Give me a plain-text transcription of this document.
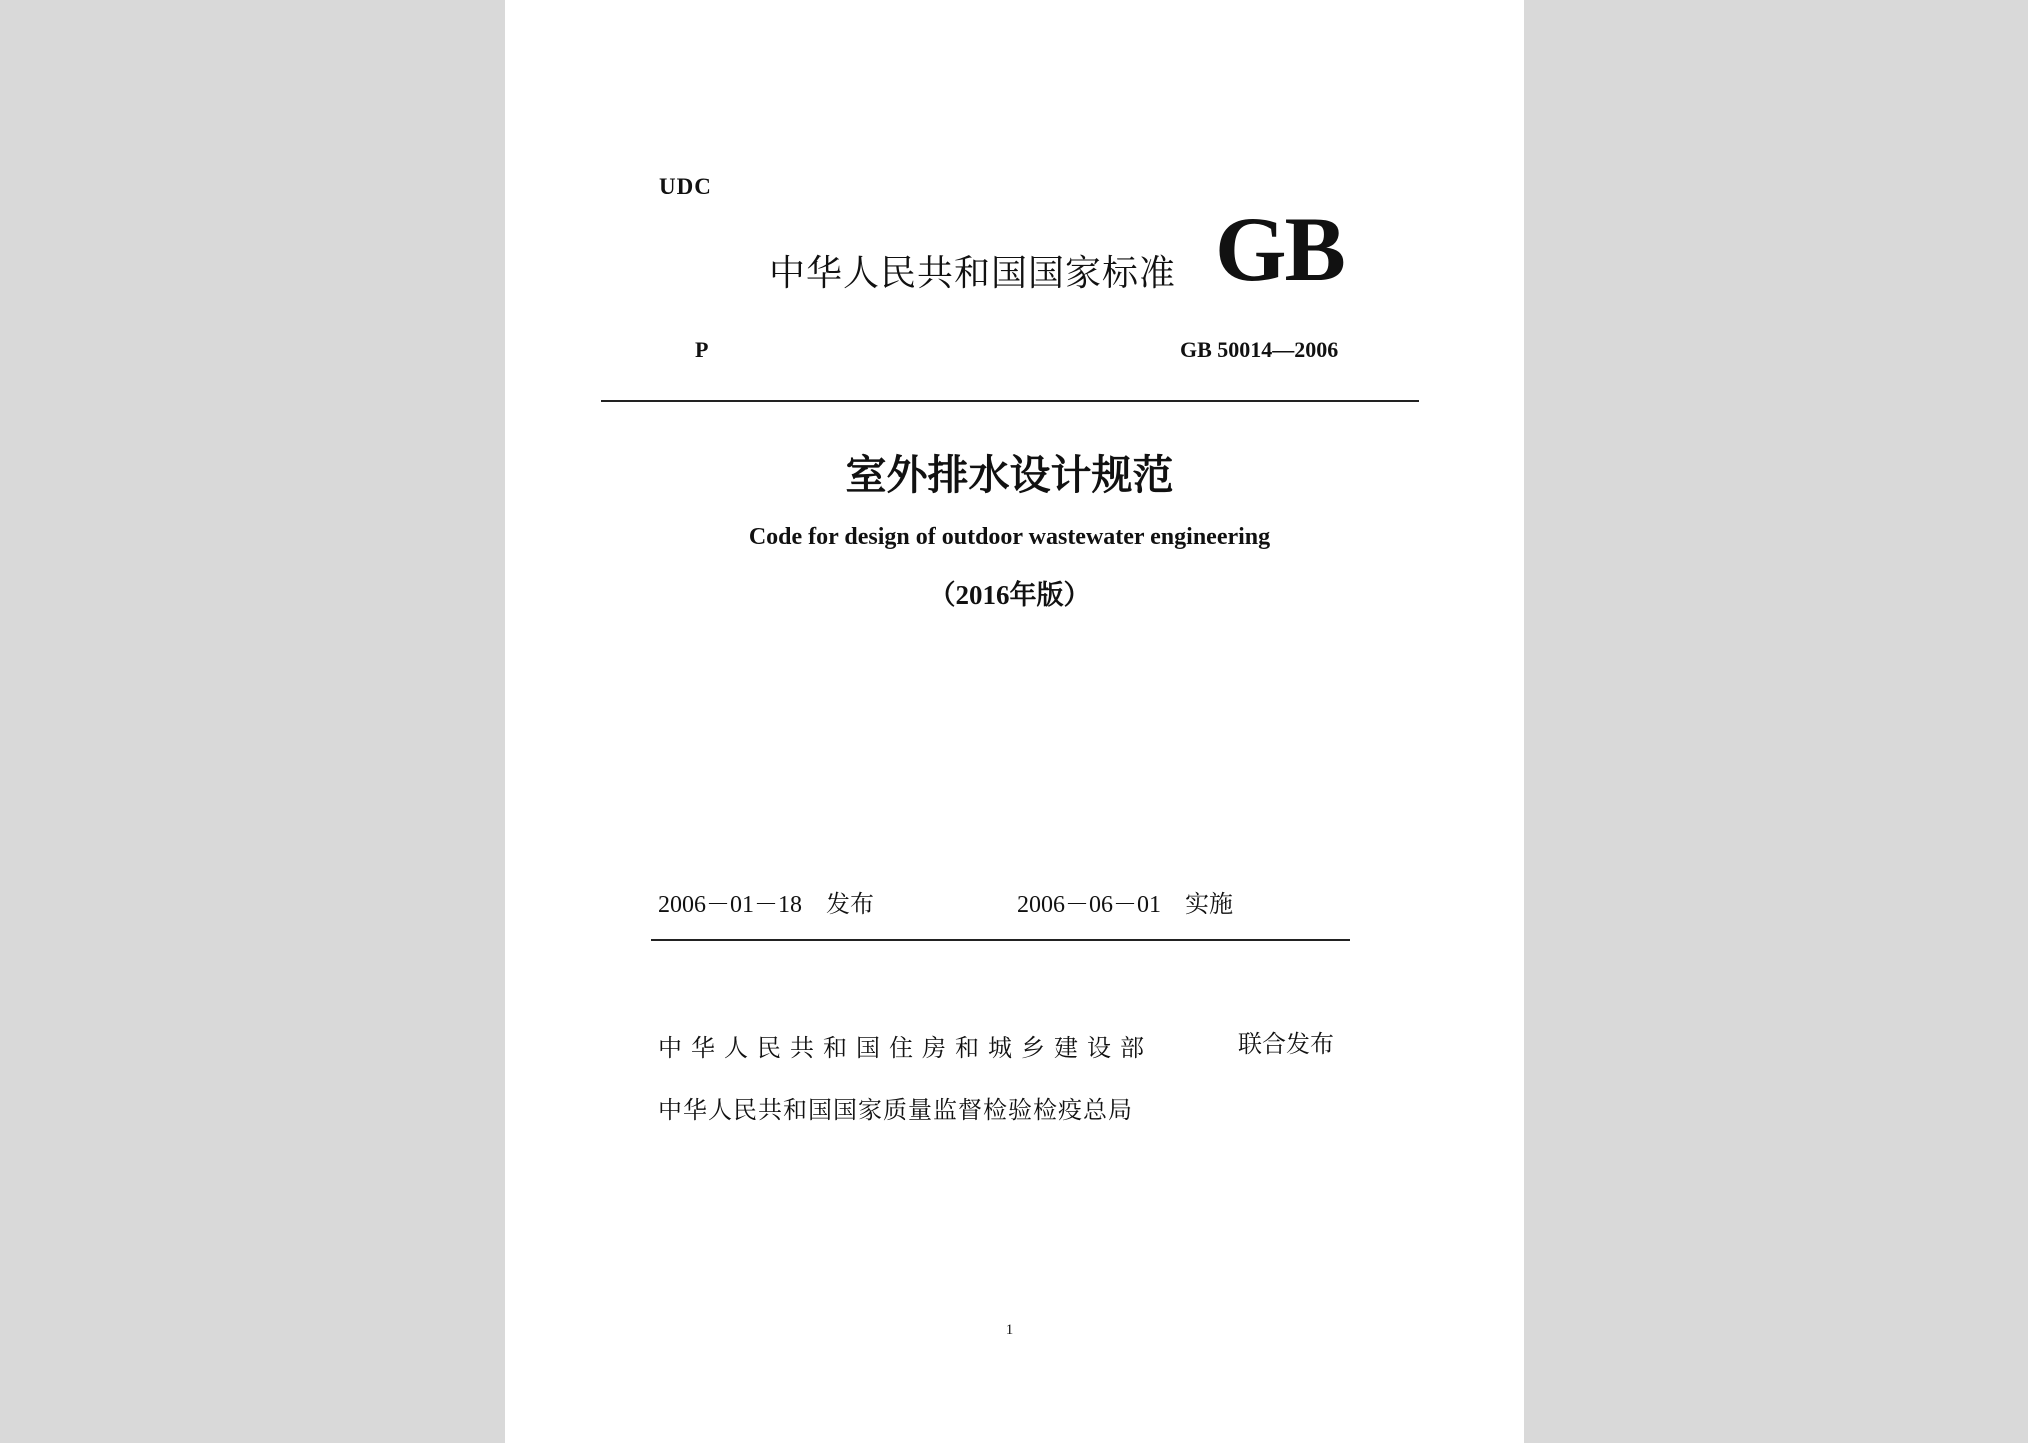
UDC
中华人民共和国国家标准 GB
P	GB 50014—2006
室外排水设计规范
Code for design of outdoor wastewater engineering
（2016年版）
2006－01－18　发布	2006－06－01　实施
中华人民共和国住房和城乡建设部
中华人民共和国国家质量监督检验检疫总局
联合发布
1
